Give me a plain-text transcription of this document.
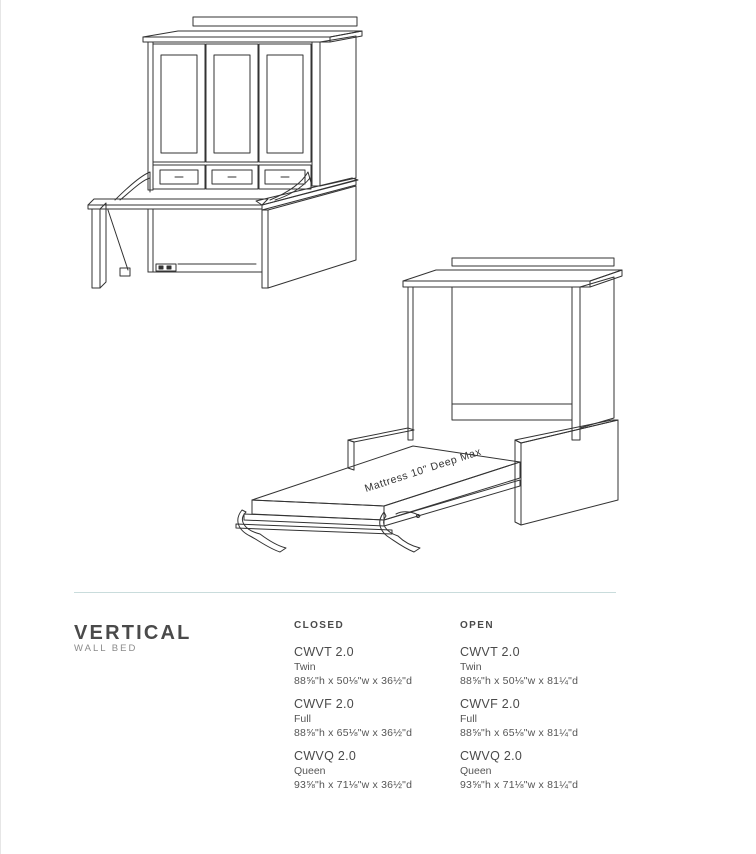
Mattress 10" Deep Max
VERTICAL
WALL BED
CLOSED
CWVT 2.0
Twin
88⅝"h x 50⅛"w x 36½"d
CWVF 2.0
Full
88⅝"h x 65⅛"w x 36½"d
CWVQ 2.0
Queen
93⅝"h x 71⅛"w x 36½"d
OPEN
CWVT 2.0
Twin
88⅝"h x 50⅛"w x 81¼"d
CWVF 2.0
Full
88⅝"h x 65⅛"w x 81¼"d
CWVQ 2.0
Queen
93⅝"h x 71⅛"w x 81¼"d
